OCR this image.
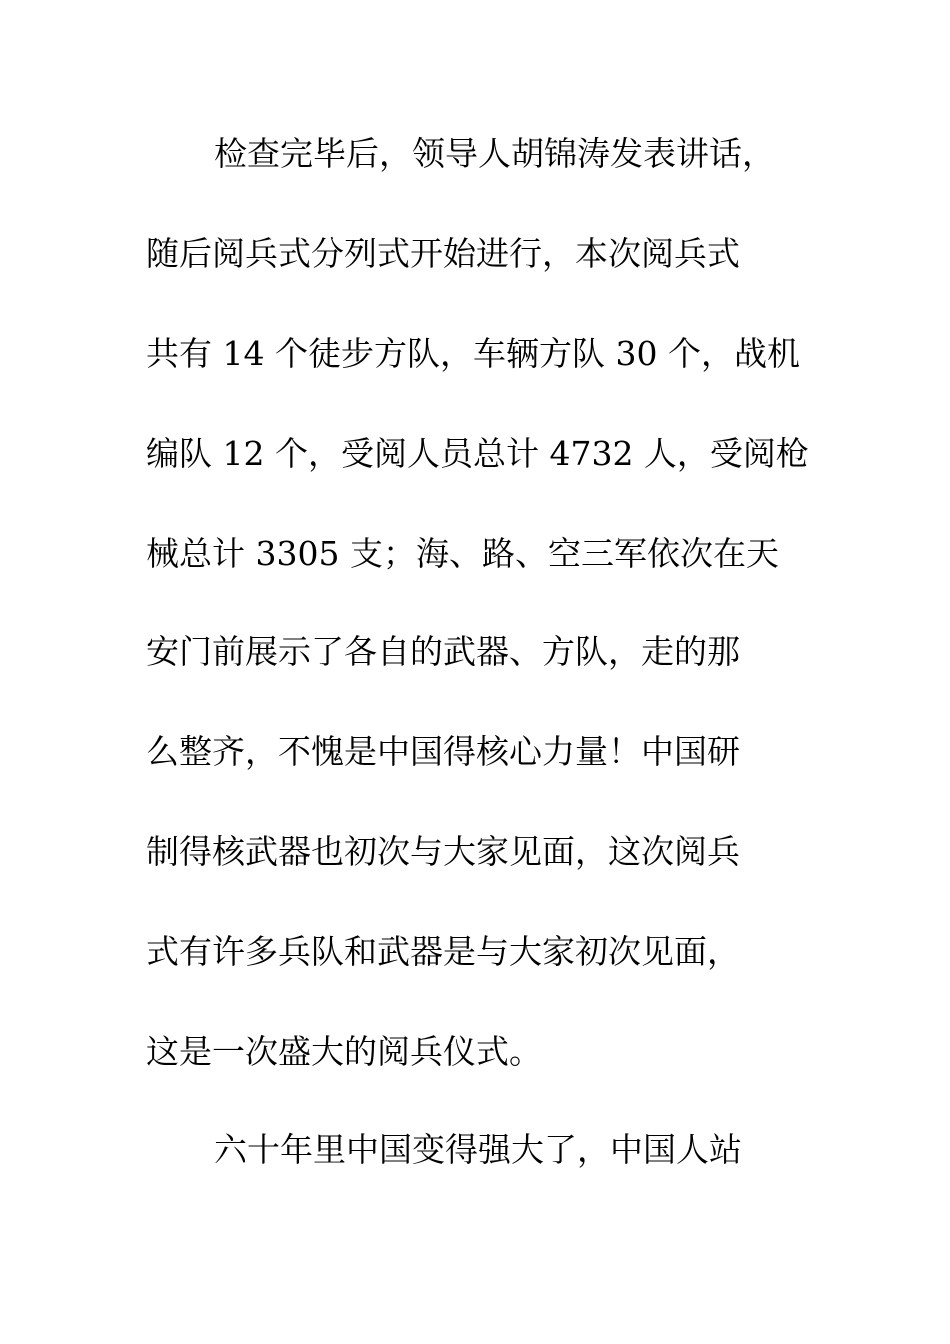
检查完毕后，领导人胡锦涛发表讲话，
随后阅兵式分列式开始进行，本次阅兵式
共有 14 个徒步方队，车辆方队 30 个，战机
编队 12 个，受阅人员总计 4732 人，受阅枪
械总计 3305 支；海、路、空三军依次在天
安门前展示了各自的武器、方队，走的那
么整齐，不愧是中国得核心力量！中国研
制得核武器也初次与大家见面，这次阅兵
式有许多兵队和武器是与大家初次见面，
这是一次盛大的阅兵仪式。
六十年里中国变得强大了，中国人站
